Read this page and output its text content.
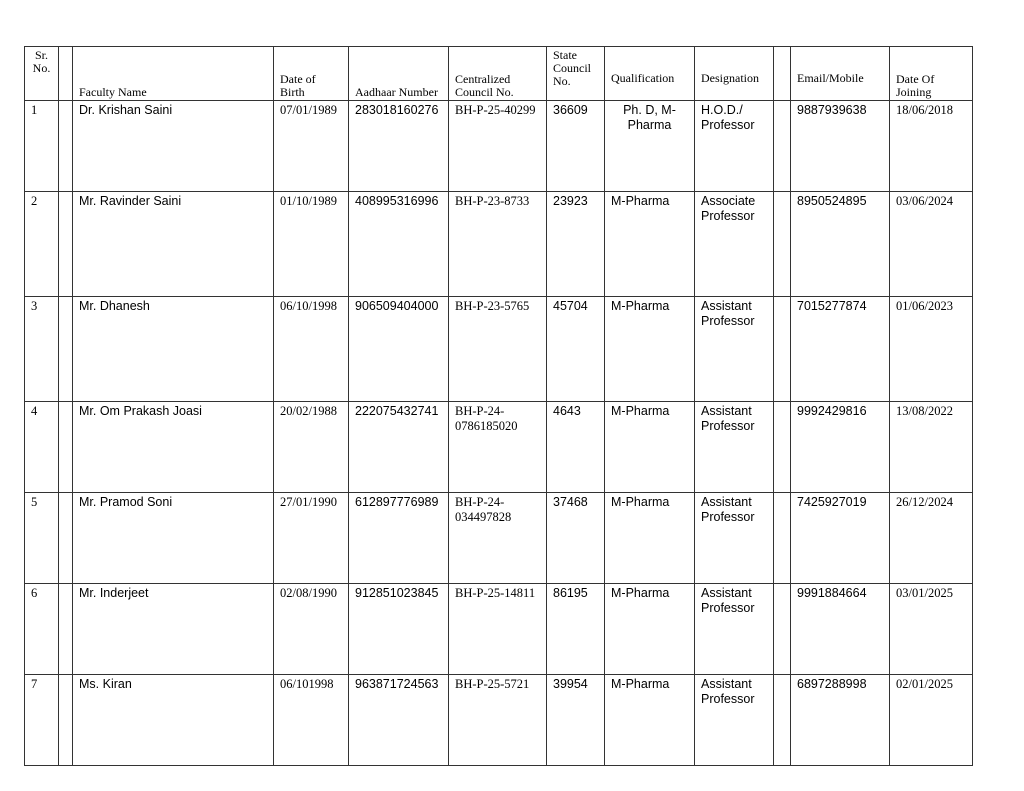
Sr. No.		Faculty Name	Date of Birth	Aadhaar Number	Centralized Council No.	State Council No.	Qualification	Designation		Email/Mobile	Date Of Joining
1		Dr. Krishan Saini	07/01/1989	283018160276	BH-P-25-40299	36609	Ph. D, M-Pharma	H.O.D./ Professor		9887939638	18/06/2018
2		Mr. Ravinder Saini	01/10/1989	408995316996	BH-P-23-8733	23923	M-Pharma	Associate Professor		8950524895	03/06/2024
3		Mr. Dhanesh	06/10/1998	906509404000	BH-P-23-5765	45704	M-Pharma	Assistant Professor		7015277874	01/06/2023
4		Mr. Om Prakash Joasi	20/02/1988	222075432741	BH-P-24-0786185020	4643	M-Pharma	Assistant Professor		9992429816	13/08/2022
5		Mr. Pramod Soni	27/01/1990	612897776989	BH-P-24-034497828	37468	M-Pharma	Assistant Professor		7425927019	26/12/2024
6		Mr. Inderjeet	02/08/1990	912851023845	BH-P-25-14811	86195	M-Pharma	Assistant Professor		9991884664	03/01/2025
7		Ms. Kiran	06/101998	963871724563	BH-P-25-5721	39954	M-Pharma	Assistant Professor		6897288998	02/01/2025
